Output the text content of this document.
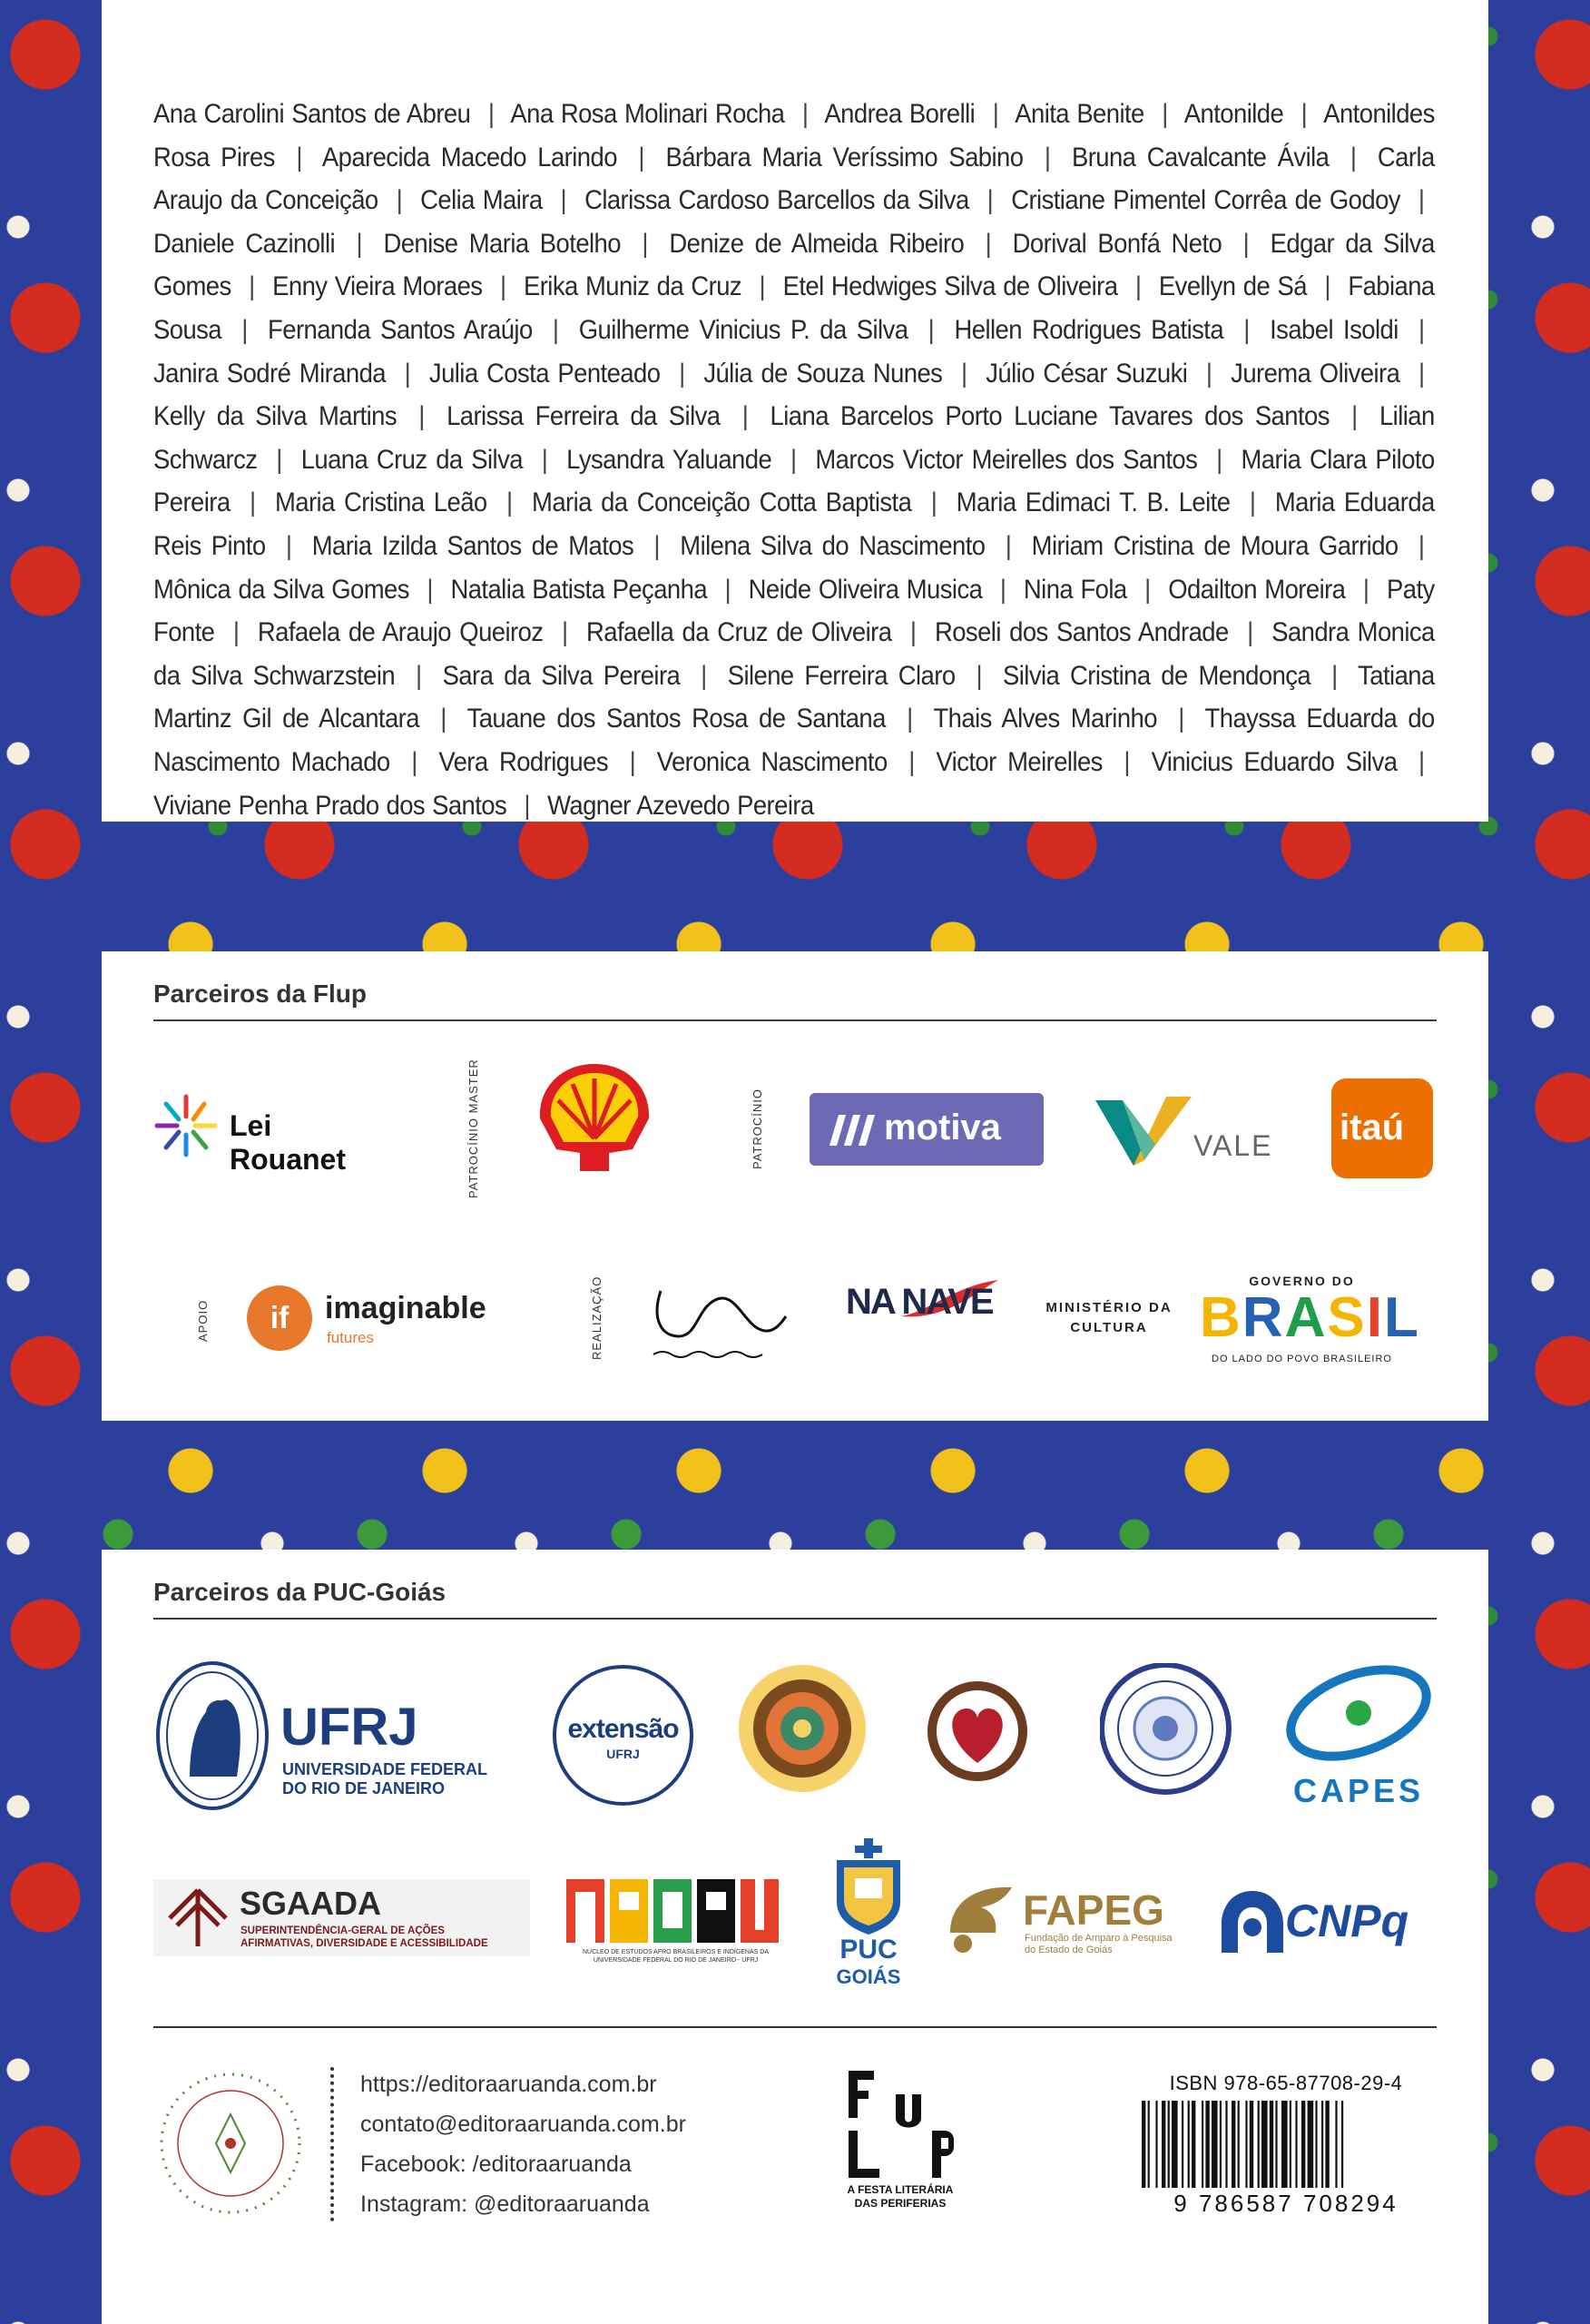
Ana Carolini Santos de Abreu | Ana Rosa Molinari Rocha | Andrea Borelli | Anita Benite | Antonilde | Antonildes Rosa Pires | Aparecida Macedo Larindo | Bárbara Maria Veríssimo Sabino | Bruna Cavalcante Ávila | Carla Araujo da Conceição | Celia Maira | Clarissa Cardoso Barcellos da Silva | Cristiane Pimentel Corrêa de Godoy | Daniele Cazinolli | Denise Maria Botelho | Denize de Almeida Ribeiro | Dorival Bonfá Neto | Edgar da Silva Gomes | Enny Vieira Moraes | Erika Muniz da Cruz | Etel Hedwiges Silva de Oliveira | Evellyn de Sá | Fabiana Sousa | Fernanda Santos Araújo | Guilherme Vinicius P. da Silva | Hellen Rodrigues Batista | Isabel Isoldi | Janira Sodré Miranda | Julia Costa Penteado | Júlia de Souza Nunes | Júlio César Suzuki | Jurema Oliveira | Kelly da Silva Martins | Larissa Ferreira da Silva | Liana Barcelos Porto Luciane Tavares dos Santos | Lilian Schwarcz | Luana Cruz da Silva | Lysandra Yaluande | Marcos Victor Meirelles dos Santos | Maria Clara Piloto Pereira | Maria Cristina Leão | Maria da Conceição Cotta Baptista | Maria Edimaci T. B. Leite | Maria Eduarda Reis Pinto | Maria Izilda Santos de Matos | Milena Silva do Nascimento | Miriam Cristina de Moura Garrido | Mônica da Silva Gomes | Natalia Batista Peçanha | Neide Oliveira Musica | Nina Fola | Odailton Moreira | Paty Fonte | Rafaela de Araujo Queiroz | Rafaella da Cruz de Oliveira | Roseli dos Santos Andrade | Sandra Monica da Silva Schwarzstein | Sara da Silva Pereira | Silene Ferreira Claro | Silvia Cristina de Mendonça | Tatiana Martinz Gil de Alcantara | Tauane dos Santos Rosa de Santana | Thais Alves Marinho | Thayssa Eduarda do Nascimento Machado | Vera Rodrigues | Veronica Nascimento | Victor Meirelles | Vinicius Eduardo Silva | Viviane Penha Prado dos Santos | Wagner Azevedo Pereira

Parceiros da Flup
Lei Rouanet	PATROCÍNIO MASTER	PATROCÍNIO	motiva	VALE itaú
APOIO	if	imaginable
futures	REALIZAÇÃO	NA NAVE	MINISTÉRIO DA
CULTURA
GOVERNO DO
BRASIL
DO LADO DO POVO BRASILEIRO
Parceiros da PUC-Goiás
UFRJ
UNIVERSIDADE FEDERAL
DO RIO DE JANEIRO
extensão
UFRJ
CAPES
SGAADA
SUPERINTENDÊNCIA-GERAL DE AÇÕES
AFIRMATIVAS, DIVERSIDADE E ACESSIBILIDADE
NÚCLEO DE ESTUDOS AFRO BRASILEIROS E INDÍGENAS DA UNIVERSIDADE FEDERAL DO RIO DE JANEIRO - UFRJ	PUC
GOIÁS
FAPEG
Fundação de Amparo à Pesquisa
do Estado de Goiás
CNPq
https://editoraaruanda.com.br
contato@editoraaruanda.com.br
Facebook: /editoraaruanda
Instagram: @editoraaruanda
A FESTA LITERÁRIA
DAS PERIFERIAS
ISBN 978-65-87708-29-4
9 786587 708294
